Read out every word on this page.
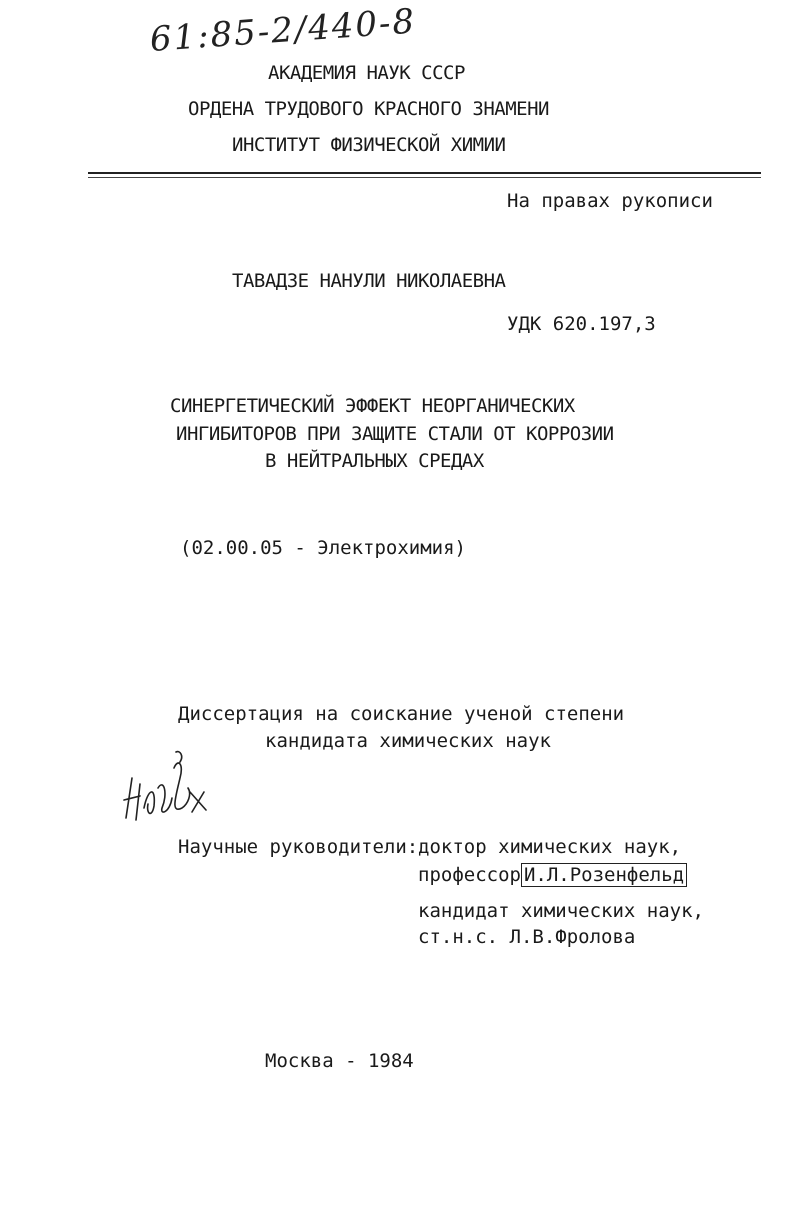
61:85-2/440-8
АКАДЕМИЯ НАУК СССР
ОРДЕНА ТРУДОВОГО КРАСНОГО ЗНАМЕНИ
ИНСТИТУТ ФИЗИЧЕСКОЙ ХИМИИ
На правах рукописи
ТАВАДЗЕ НАНУЛИ НИКОЛАЕВНА
УДК 620.197,3
СИНЕРГЕТИЧЕСКИЙ ЭФФЕКТ НЕОРГАНИЧЕСКИХ
ИНГИБИТОРОВ ПРИ ЗАЩИТЕ СТАЛИ ОТ КОРРОЗИИ
В НЕЙТРАЛЬНЫХ СРЕДАХ
(02.00.05 - Электрохимия)
Диссертация на соискание ученой степени
кандидата химических наук
Научные руководители: доктор химических наук,
профессор И.Л.Розенфельд
кандидат химических наук,
ст.н.с. Л.В.Фролова
Москва - 1984
